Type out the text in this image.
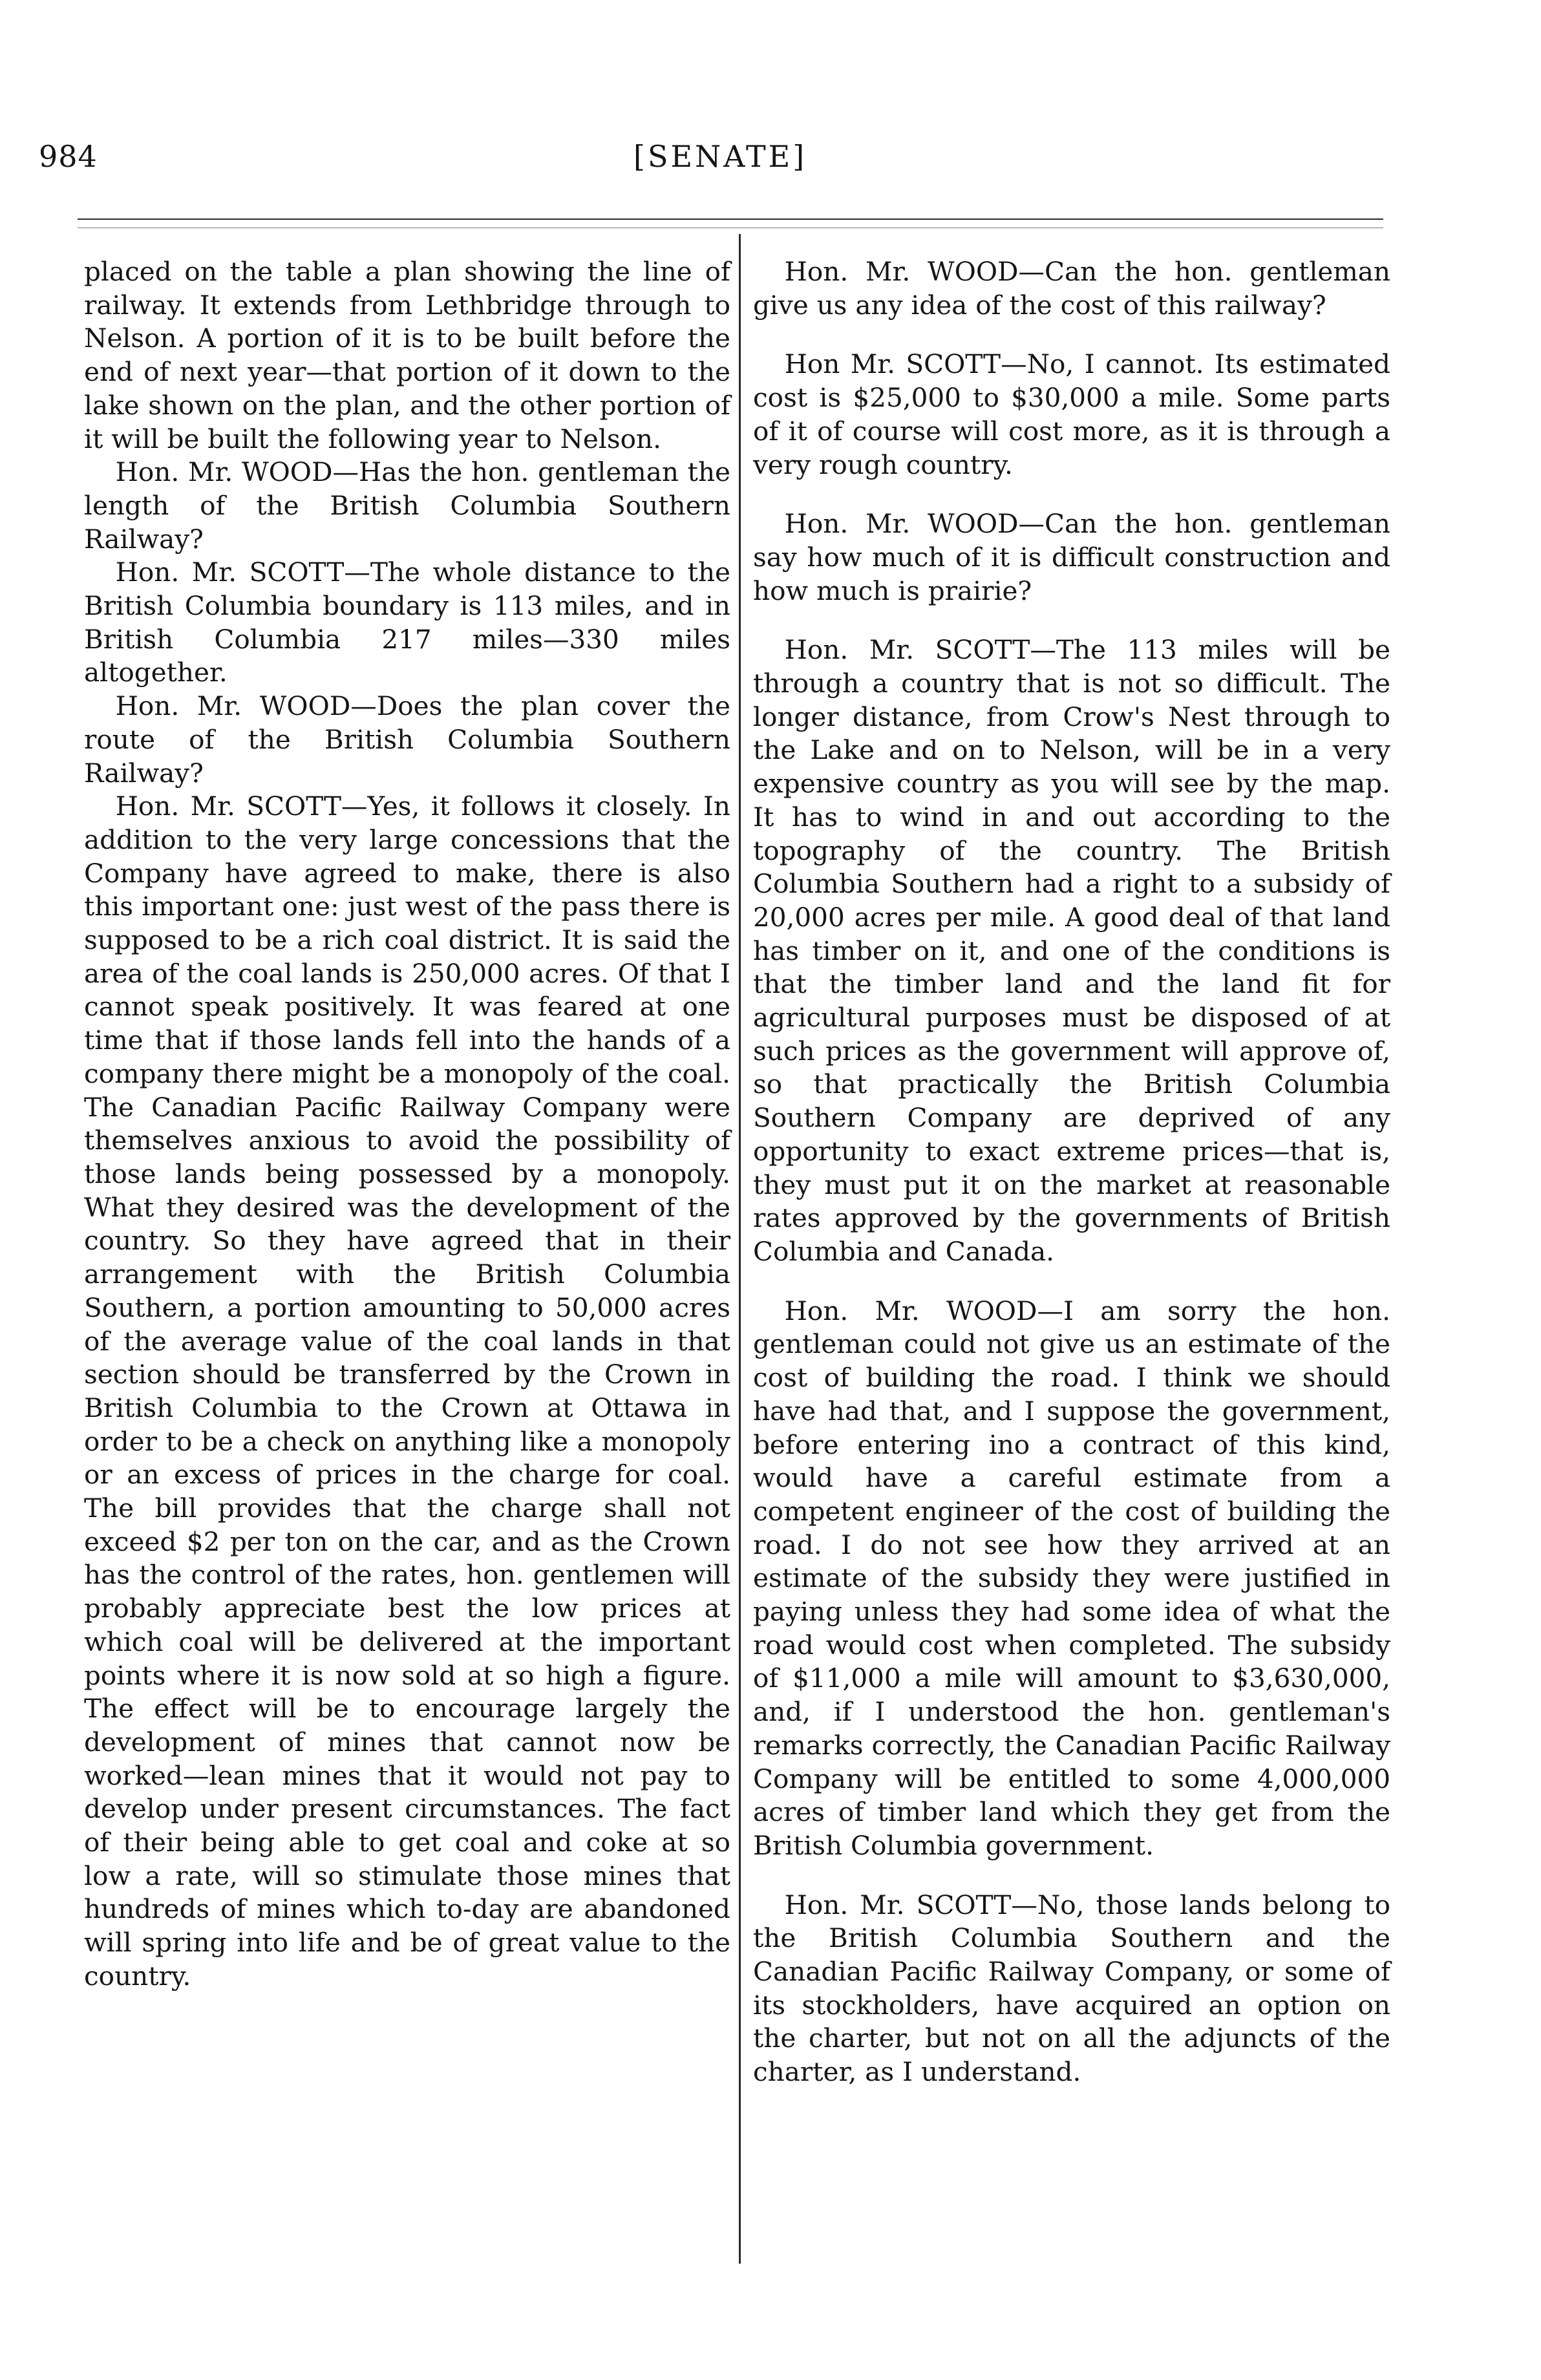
984	[SENATE]

placed on the table a plan showing the line of railway. It extends from Lethbridge through to Nelson. A portion of it is to be built before the end of next year—that portion of it down to the lake shown on the plan, and the other portion of it will be built the following year to Nelson.

Hon. Mr. WOOD—Has the hon. gentleman the length of the British Columbia Southern Railway?

Hon. Mr. SCOTT—The whole distance to the British Columbia boundary is 113 miles, and in British Columbia 217 miles—330 miles altogether.

Hon. Mr. WOOD—Does the plan cover the route of the British Columbia Southern Railway?

Hon. Mr. SCOTT—Yes, it follows it closely. In addition to the very large concessions that the Company have agreed to make, there is also this important one: just west of the pass there is supposed to be a rich coal district. It is said the area of the coal lands is 250,000 acres. Of that I cannot speak positively. It was feared at one time that if those lands fell into the hands of a company there might be a monopoly of the coal. The Canadian Pacific Railway Company were themselves anxious to avoid the possibility of those lands being possessed by a monopoly. What they desired was the development of the country. So they have agreed that in their arrangement with the British Columbia Southern, a portion amounting to 50,000 acres of the average value of the coal lands in that section should be transferred by the Crown in British Columbia to the Crown at Ottawa in order to be a check on anything like a monopoly or an excess of prices in the charge for coal. The bill provides that the charge shall not exceed $2 per ton on the car, and as the Crown has the control of the rates, hon. gentlemen will probably appreciate best the low prices at which coal will be delivered at the important points where it is now sold at so high a figure. The effect will be to encourage largely the development of mines that cannot now be worked—lean mines that it would not pay to develop under present circumstances. The fact of their being able to get coal and coke at so low a rate, will so stimulate those mines that hundreds of mines which to-day are abandoned will spring into life and be of great value to the country.

Hon. Mr. WOOD—Can the hon. gentleman give us any idea of the cost of this railway?

Hon Mr. SCOTT—No, I cannot. Its estimated cost is $25,000 to $30,000 a mile. Some parts of it of course will cost more, as it is through a very rough country.

Hon. Mr. WOOD—Can the hon. gentleman say how much of it is difficult construction and how much is prairie?

Hon. Mr. SCOTT—The 113 miles will be through a country that is not so difficult. The longer distance, from Crow's Nest through to the Lake and on to Nelson, will be in a very expensive country as you will see by the map. It has to wind in and out according to the topography of the country. The British Columbia Southern had a right to a subsidy of 20,000 acres per mile. A good deal of that land has timber on it, and one of the conditions is that the timber land and the land fit for agricultural purposes must be disposed of at such prices as the government will approve of, so that practically the British Columbia Southern Company are deprived of any opportunity to exact extreme prices—that is, they must put it on the market at reasonable rates approved by the governments of British Columbia and Canada.

Hon. Mr. WOOD—I am sorry the hon. gentleman could not give us an estimate of the cost of building the road. I think we should have had that, and I suppose the government, before entering ino a contract of this kind, would have a careful estimate from a competent engineer of the cost of building the road. I do not see how they arrived at an estimate of the subsidy they were justified in paying unless they had some idea of what the road would cost when completed. The subsidy of $11,000 a mile will amount to $3,630,000, and, if I understood the hon. gentleman's remarks correctly, the Canadian Pacific Railway Company will be entitled to some 4,000,000 acres of timber land which they get from the British Columbia government.

Hon. Mr. SCOTT—No, those lands belong to the British Columbia Southern and the Canadian Pacific Railway Company, or some of its stockholders, have acquired an option on the charter, but not on all the adjuncts of the charter, as I understand.
